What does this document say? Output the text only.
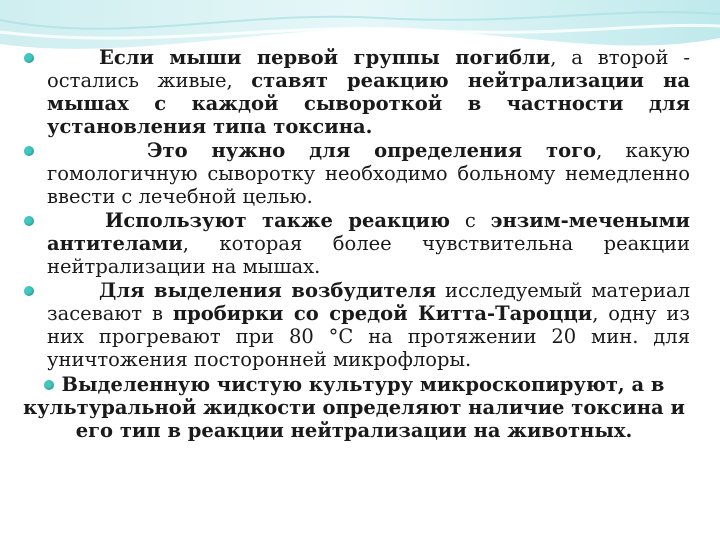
Если мыши первой группы погибли, а второй - остались живые, ставят реакцию нейтрализации на мышах с каждой сывороткой в частности для установления типа токсина.

Это нужно для определения того, какую гомологичную сыворотку необходимо больному немедленно ввести с лечебной целью.

Используют также реакцию с энзим-мечеными антителами, которая более чувствительна реакции нейтрализации на мышах.

Для выделения возбудителя исследуемый материал засевают в пробирки со средой Китта-Тароцци, одну из них прогревают при 80 °С на протяжении 20 мин. для уничтожения посторонней микрофлоры.

Выделенную чистую культуру микроскопируют, а в культуральной жидкости определяют наличие токсина и его тип в реакции нейтрализации на животных.
